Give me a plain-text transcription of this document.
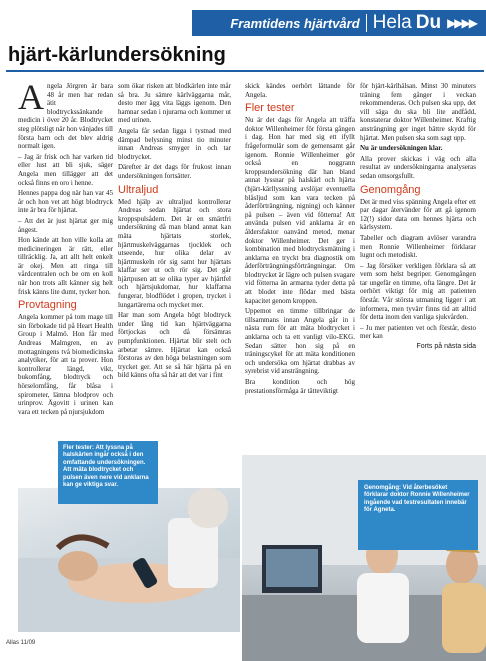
Framtidens hjärtvård Hela Du ▶▶▶▶
hjärt-kärlundersökning

Angela Jörgren är bara 48 år men har redan ätit blodtryckssänkande medicin i över 20 år. Blodtrycket steg plötsligt när hon vänjades till första barn och det blev aldrig normalt igen.

– Jag är frisk och har varken tid eller lust att bli sjuk, säger Angela men tillägger att det också finns en oro i henne.

Hennes pappa dog när han var 45 år och hon vet att högt blodtryck inte är bra för hjärtat.

– Att det är just hjärtat ger mig ångest.

Hon kände att hon ville kolla att medicineringen är rätt, eller tillräcklig. Ja, att allt helt enkelt är okej. Men att ringa till vårdcentralen och be om en koll när hon trots allt känner sig helt frisk känns lite dumt, tycker hon.

Provtagning

Angela kommer på tom mage till sin förbokade tid på Heart Health Group i Malmö. Hon får med Andreas Malmgren, en av mottagningens två biomedicinska analytiker, för att ta prover. Hon kontrollerar längd, vikt, bukomfång, blodtryck och hörselomfång, får blåsa i spirometer, lämna blodprov och urinprov. Ägovitt i urinen kan vara ett tecken på njursjukdom

som ökar risken att blodkärlen inte mår så bra. Ju sämre kärlväggarna mår, desto mer ägg vita läggs igenom. Den hamnar sedan i njurarna och kommer ut med urinen.

Angela får sedan ligga i tystnad med dämpad belysning minst tio minuter innan Andreas smyger in och tar blodtrycket.

Därefter är det dags för frukost innan undersökningen fortsätter.

Ultraljud

Med hjälp av ultraljud kontrollerar Andreas sedan hjärtat och stora kroppspulsådern. Det är en smärtfri undersökning då man bland annat kan mäta hjärtats storlek, hjärtmuskelväggarnas tjocklek och utseende, hur olika delar av hjärtmuskeln rör sig samt hur hjärtats klaffar ser ut och rör sig. Det går hjärtpusen att se olika typer av hjärtfel och hjärtsjukdomar, hur klaffarna fungerar, blodflödet i gropen, trycket i lungartärerna och mycket mer.

Har man som Angela högt blodtryck under lång tid kan hjärtväggarna förtjockas och då försämras pumpfunktionen. Hjärtat blir stelt och arbetar sämre. Hjärtat kan också förstoras av den höga belastningen som trycket ger. Att se så här hjärta på en bild känns ofta så här att det var i fint

skick kändes oerhört lättande för Angela.

Fler tester

Nu är det dags för Angela att träffa doktor Willenheimer för första gången i dag. Hon har med sig ett ifyllt frågeformulär som de gemensamt går igenom. Ronnie Willenheimer gör också en noggrann kroppsundersökning där han bland annat lyssnar på halskärl och hjärta (hjärt-kärllyssning avslöjar eventuella blåsljud som kan vara tecken på åderförträngning, nigning) och känner på pulsen – även vid fötterna! Att använda pulsen vid anklarna är en åldersfaktor oanvänd metod, menar doktor Willenheimer. Det ger i kombination med blodtrycksmätning i anklarna en tryckt bra diagnostik om åderförträngningsförträngningar. Om blodtrycket är lägre och pulsen svagare vid fötterna än armarna tyder detta på att blodet inte flödar med bästa kapacitet genom kroppen.

Uppemot en timme tillbringar de tillsammans innan Angela går in i nästa rum för att mäta blodtrycket i anklarna och ta ett vanligt vilo-EKG. Sedan sätter hon sig på en träningscykel för att mäta konditionen och undersöka om hjärtat drabbas av syrebrist vid ansträngning.

Bra kondition och hög prestationsförmåga är tätteviktigt

för hjärt-kärlhälsan. Minst 30 minuters träning fem gånger i veckan rekommenderas. Och pulsen ska upp, det vill säga du ska bli lite andfådd, konstaterar doktor Willenheimer. Kraftig ansträngning ger inget bättre skydd för hjärtat. Men pulsen ska som sagt upp.

Nu är undersökningen klar.

Alla prover skickas i väg och alla resultat av undersökningarna analyseras sedan omsorgsfullt.

Genomgång

Det är med viss spänning Angela efter ett par dagar återvänder för att gå igenom 12(!) sidor data om hennes hjärta och kärlsystem.

Tabeller och diagram avlöser varandra men Ronnie Willenheimer förklarar lugnt och metodiskt.

– Jag försöker verkligen förklara så att vem som helst begriper. Genomgången tar ungefär en timme, ofta längre. Det är oerhört viktigt för mig att patienten förstår. Vår största utmaning ligger i att informera, men tyvärr finns tid att alltid för detta inom den vanliga sjukvården.

– Ju mer patienten vet och förstår, desto mer kan

Forts på nästa sida

Fler tester: Att lyssna på halskärlen ingår också i den omfattande undersökningen. Att mäta blodtrycket och pulsen även nere vid anklarna kan ge viktiga svar.	Genomgång: Vid återbesöket förklarar doktor Ronnie Willenheimer ingående vad testresultaten innebär för Agneta.
Allas 11/09
